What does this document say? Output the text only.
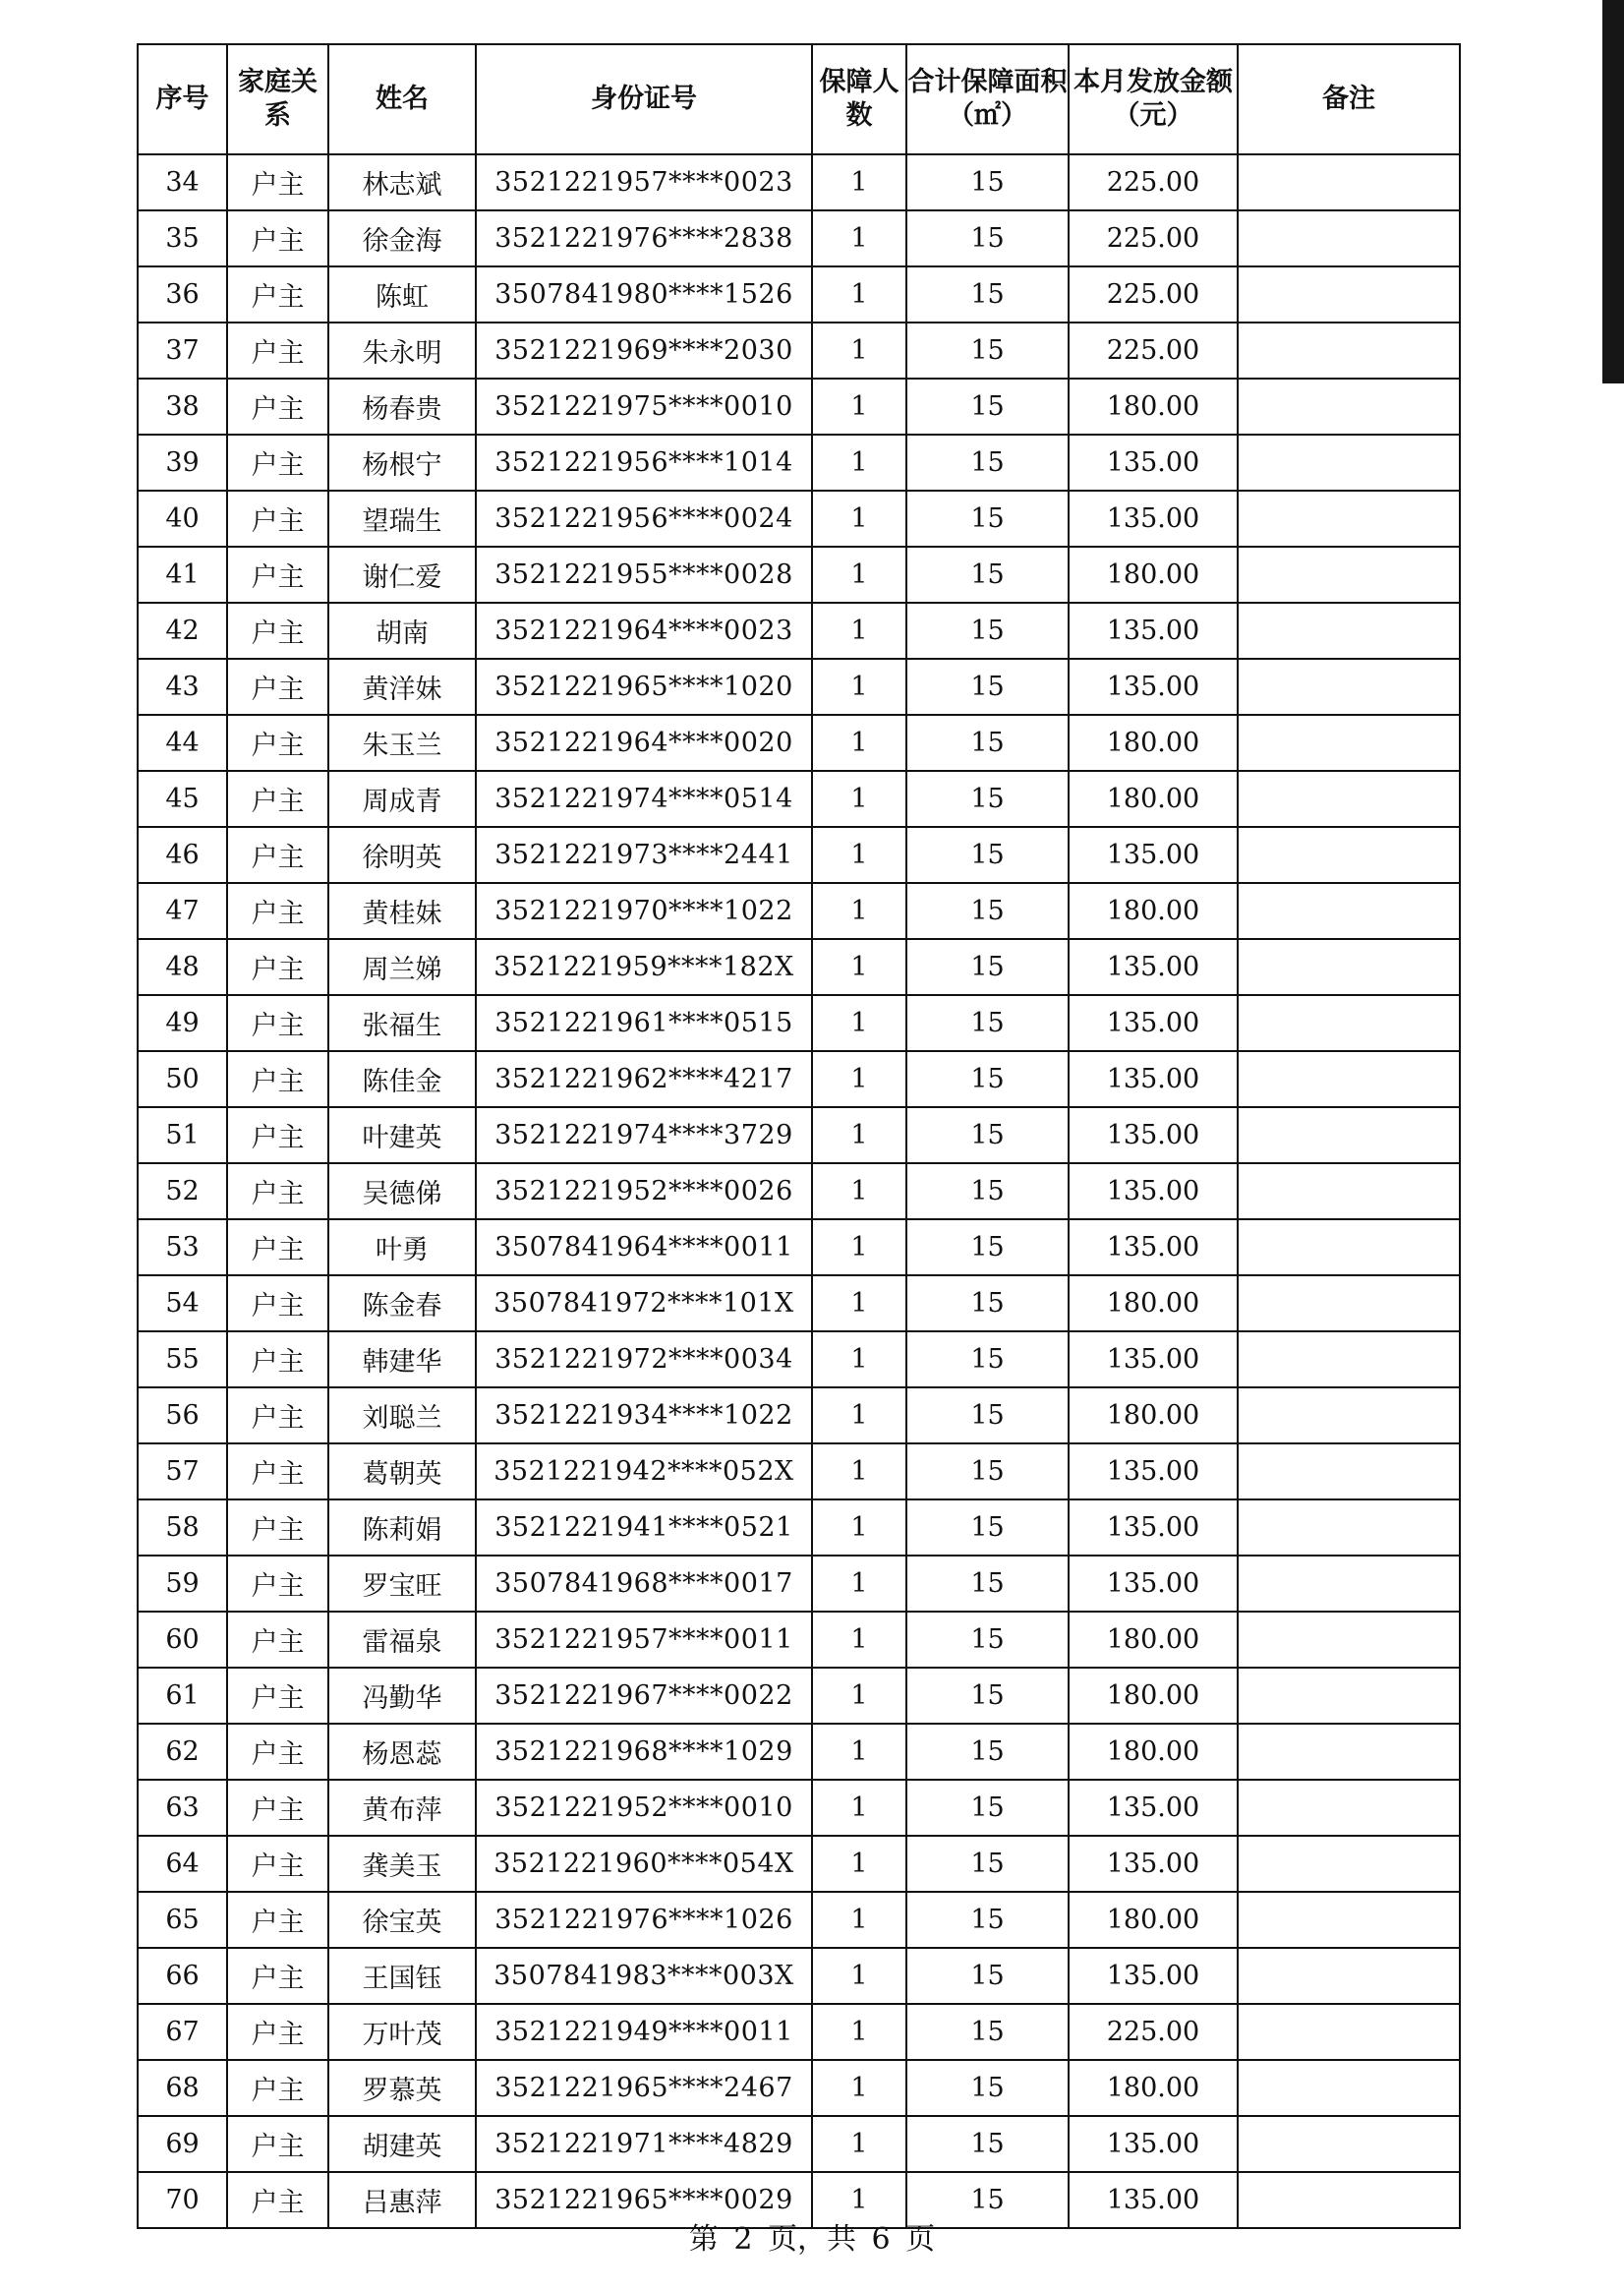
序号	家庭关系	姓名	身份证号	保障人数	合计保障面积（㎡）	本月发放金额（元）	备注
34	户主	林志斌	3521221957****0023	1	15	225.00	
35	户主	徐金海	3521221976****2838	1	15	225.00	
36	户主	陈虹	3507841980****1526	1	15	225.00	
37	户主	朱永明	3521221969****2030	1	15	225.00	
38	户主	杨春贵	3521221975****0010	1	15	180.00	
39	户主	杨根宁	3521221956****1014	1	15	135.00	
40	户主	望瑞生	3521221956****0024	1	15	135.00	
41	户主	谢仁爱	3521221955****0028	1	15	180.00	
42	户主	胡南	3521221964****0023	1	15	135.00	
43	户主	黄洋妹	3521221965****1020	1	15	135.00	
44	户主	朱玉兰	3521221964****0020	1	15	180.00	
45	户主	周成青	3521221974****0514	1	15	180.00	
46	户主	徐明英	3521221973****2441	1	15	135.00	
47	户主	黄桂妹	3521221970****1022	1	15	180.00	
48	户主	周兰娣	3521221959****182X	1	15	135.00	
49	户主	张福生	3521221961****0515	1	15	135.00	
50	户主	陈佳金	3521221962****4217	1	15	135.00	
51	户主	叶建英	3521221974****3729	1	15	135.00	
52	户主	吴德俤	3521221952****0026	1	15	135.00	
53	户主	叶勇	3507841964****0011	1	15	135.00	
54	户主	陈金春	3507841972****101X	1	15	180.00	
55	户主	韩建华	3521221972****0034	1	15	135.00	
56	户主	刘聪兰	3521221934****1022	1	15	180.00	
57	户主	葛朝英	3521221942****052X	1	15	135.00	
58	户主	陈莉娟	3521221941****0521	1	15	135.00	
59	户主	罗宝旺	3507841968****0017	1	15	135.00	
60	户主	雷福泉	3521221957****0011	1	15	180.00	
61	户主	冯勤华	3521221967****0022	1	15	180.00	
62	户主	杨恩蕊	3521221968****1029	1	15	180.00	
63	户主	黄布萍	3521221952****0010	1	15	135.00	
64	户主	龚美玉	3521221960****054X	1	15	135.00	
65	户主	徐宝英	3521221976****1026	1	15	180.00	
66	户主	王国钰	3507841983****003X	1	15	135.00	
67	户主	万叶茂	3521221949****0011	1	15	225.00	
68	户主	罗慕英	3521221965****2467	1	15	180.00	
69	户主	胡建英	3521221971****4829	1	15	135.00	
70	户主	吕惠萍	3521221965****0029	1	15	135.00	
第 2 页，共 6 页
